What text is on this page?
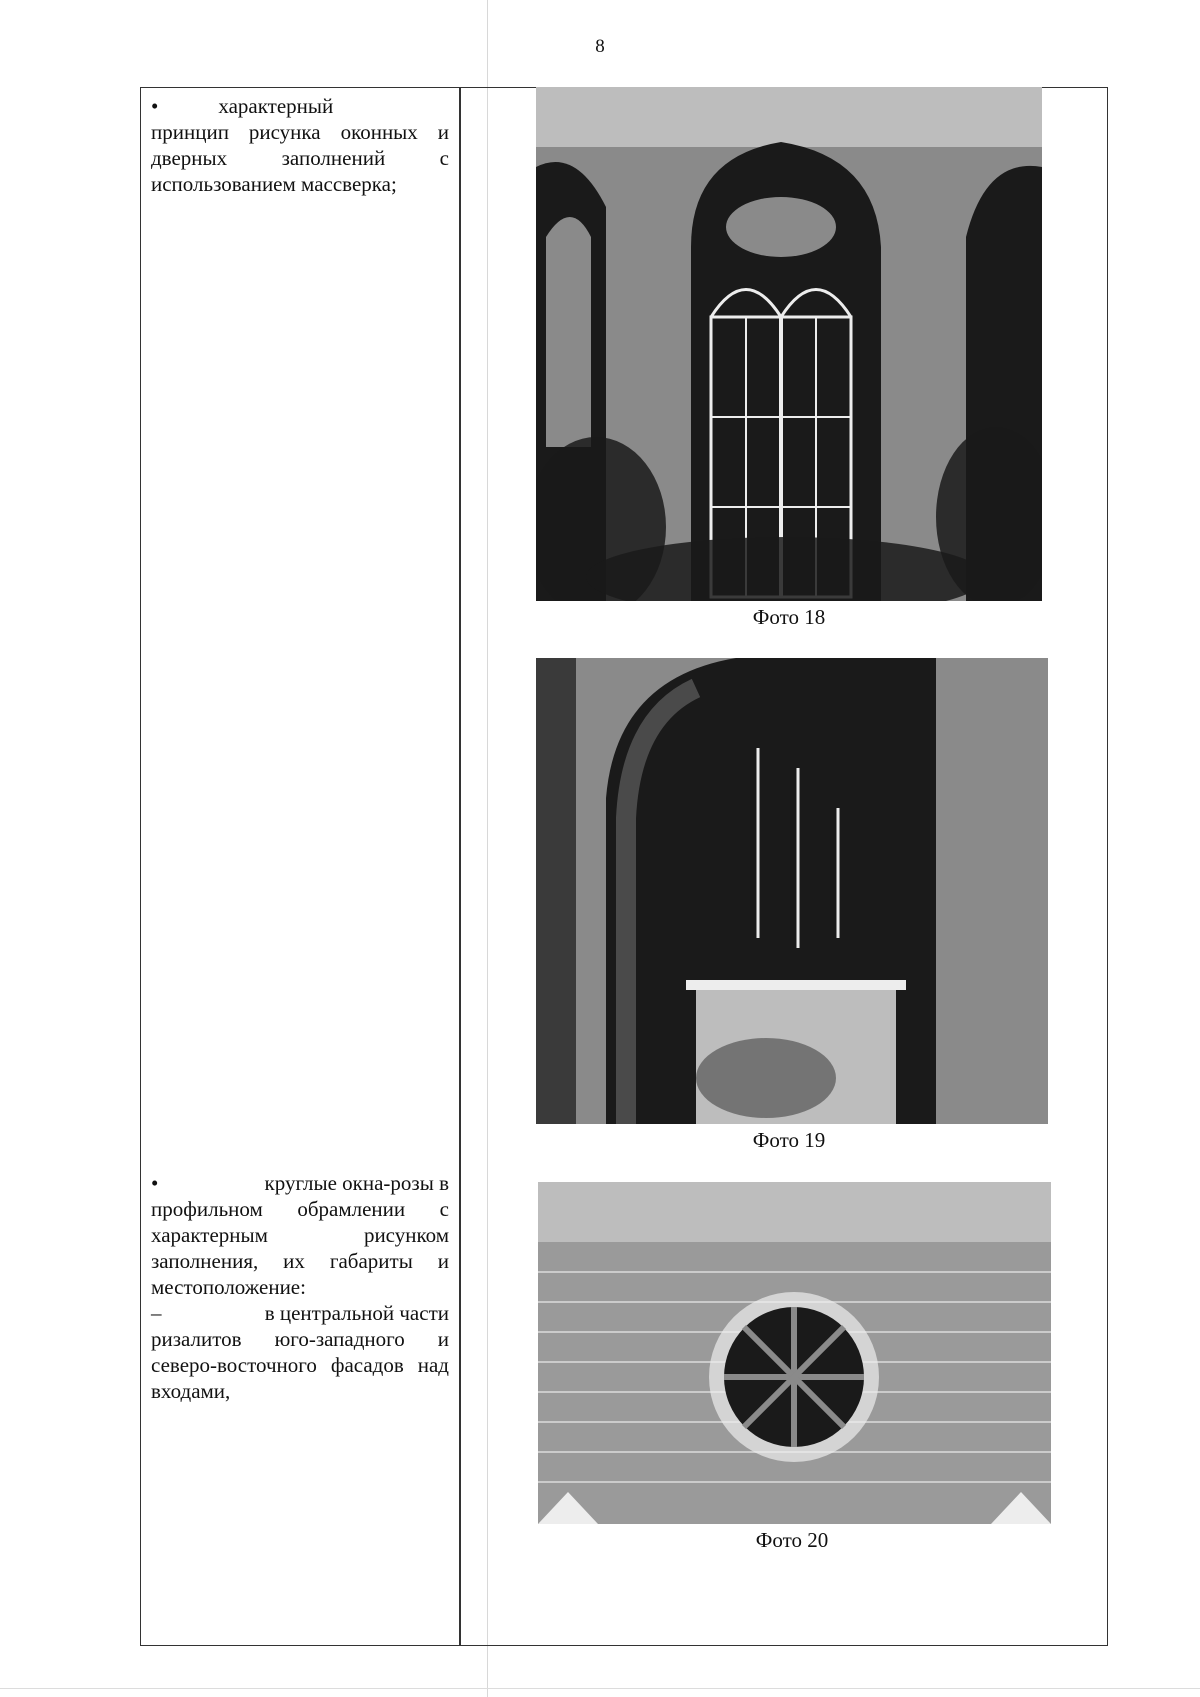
8

•	характерный

принцип рисунка оконных и дверных заполнений с использованием массверка;

•	круглые окна-розы в

профильном обрамлении с характерным рисунком заполнения, их габариты и местоположение:

–	в центральной части

ризалитов юго-западного и северо-восточного фасадов над входами,

Фото 18
Фото 19
Фото 20
